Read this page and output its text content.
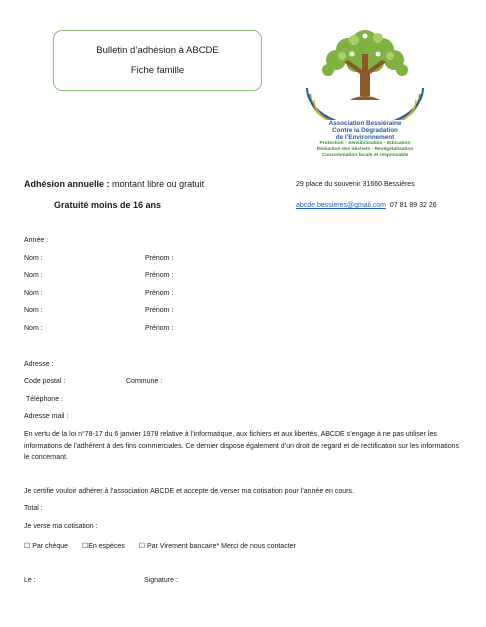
Bulletin d’adhésion à ABCDE
Fiche famille
Association Bessiéraine
Contre la Dégradation
de l’Environnement
Protection - Sensibilisation - Education
Réduction des déchets - Revégétalisation
Consommation locale et responsable
Adhésion annuelle : montant libre ou gratuit
Gratuité moins de 16 ans
29 place du souvenir 31660 Bessières
abcde.bessieres@gmail.com 07 81 89 32 26
Année :
Nom :	Prénom :
Nom :	Prénom :
Nom :	Prénom :
Nom :	Prénom :
Nom :	Prénom :
Adresse :
Code postal :	Commune :
Téléphone :
Adresse mail :
En vertu de la loi n°78-17 du 6 janvier 1978 relative à l’informatique, aux fichiers et aux libertés, ABCDE s’engage à ne pas utiliser les informations de l’adhérent à des fins commerciales. Ce dernier dispose également d’un droit de regard et de rectification sur les informations le concernant.
Je certifie vouloir adhérer à l’association ABCDE et accepte de verser ma cotisation pour l’année en cours.
Total :
Je verse ma cotisation :
☐ Par chèque ☐En espèces ☐ Par Virement bancaire* Merci de nous contacter
Le :	Signature :
